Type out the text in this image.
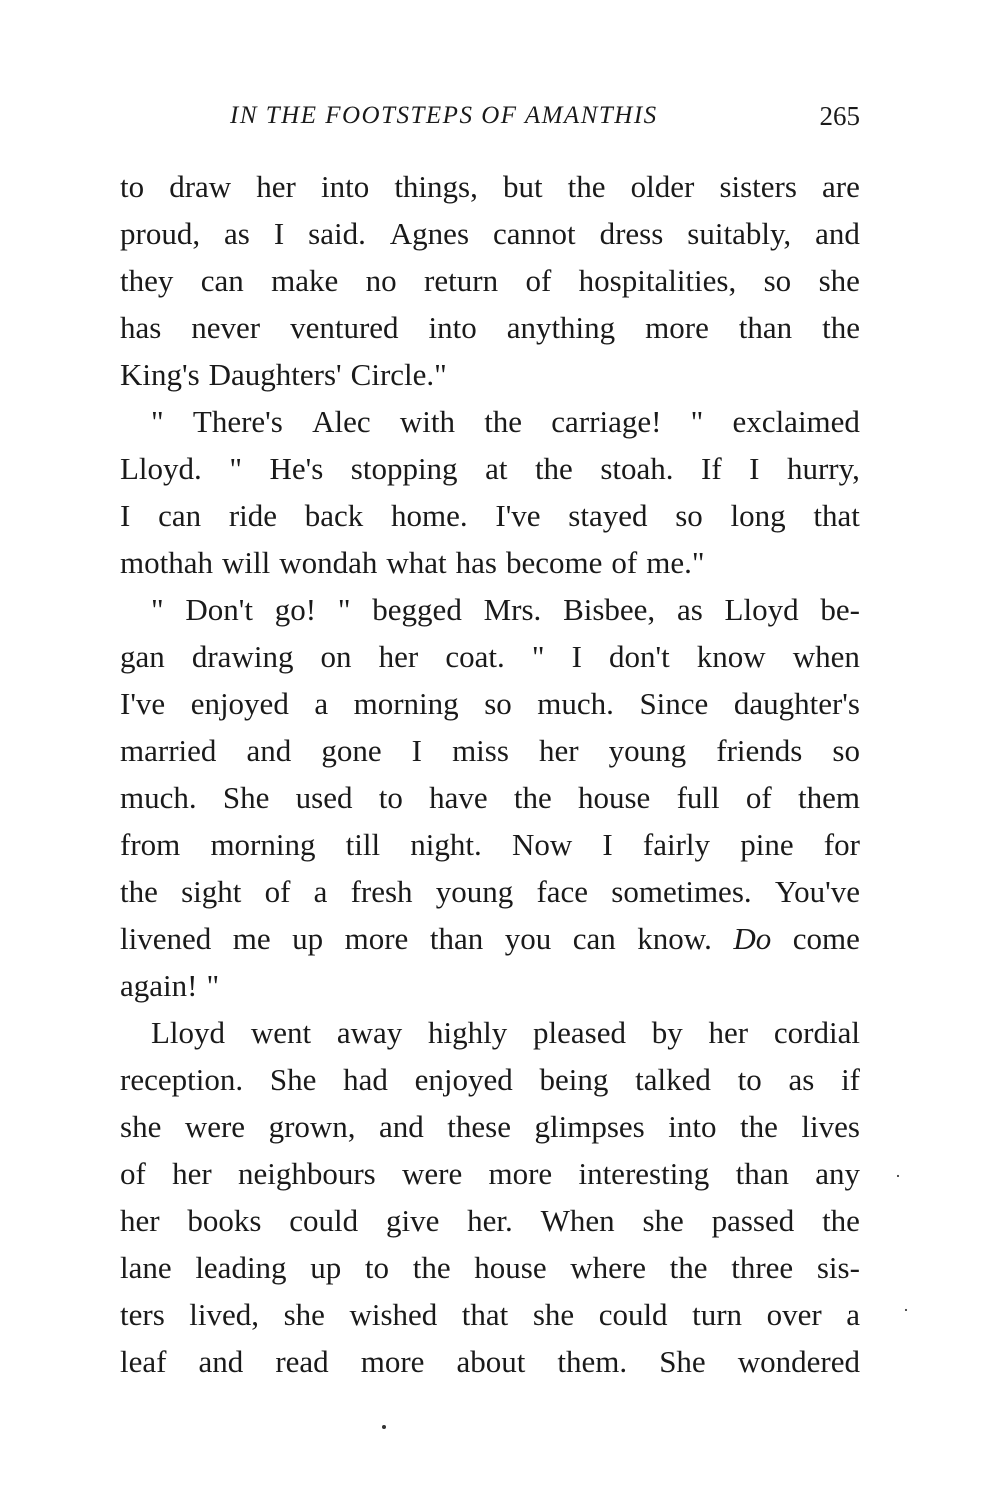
IN THE FOOTSTEPS OF AMANTHIS	265
to draw her into things, but the older sisters are
proud, as I said. Agnes cannot dress suitably, and
they can make no return of hospitalities, so she
has never ventured into anything more than the
King's Daughters' Circle."
" There's Alec with the carriage! " exclaimed
Lloyd. " He's stopping at the stoah. If I hurry,
I can ride back home. I've stayed so long that
mothah will wondah what has become of me."
" Don't go! " begged Mrs. Bisbee, as Lloyd be-
gan drawing on her coat. " I don't know when
I've enjoyed a morning so much. Since daughter's
married and gone I miss her young friends so
much. She used to have the house full of them
from morning till night. Now I fairly pine for
the sight of a fresh young face sometimes. You've
livened me up more than you can know. Do come
again! "
Lloyd went away highly pleased by her cordial
reception. She had enjoyed being talked to as if
she were grown, and these glimpses into the lives
of her neighbours were more interesting than any
her books could give her. When she passed the
lane leading up to the house where the three sis-
ters lived, she wished that she could turn over a
leaf and read more about them. She wondered
·
·
